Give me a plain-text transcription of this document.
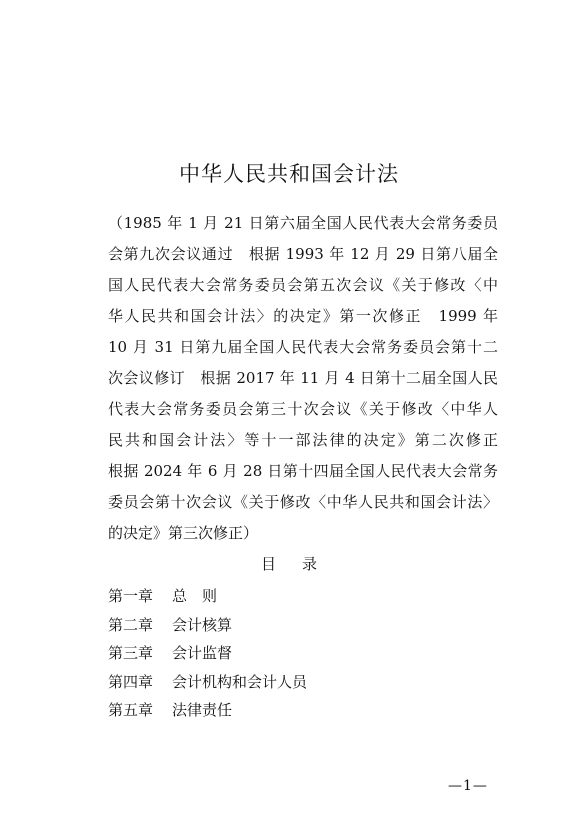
中华人民共和国会计法
（1985 年 1 月 21 日第六届全国人民代表大会常务委员
会第九次会议通过　根据 1993 年 12 月 29 日第八届全
国人民代表大会常务委员会第五次会议《关于修改〈中
华人民共和国会计法〉的决定》第一次修正　1999 年
10 月 31 日第九届全国人民代表大会常务委员会第十二
次会议修订　根据 2017 年 11 月 4 日第十二届全国人民
代表大会常务委员会第三十次会议《关于修改〈中华人
民共和国会计法〉等十一部法律的决定》第二次修正
根据 2024 年 6 月 28 日第十四届全国人民代表大会常务
委员会第十次会议《关于修改〈中华人民共和国会计法〉
的决定》第三次修正）
目录
第一章 总则
第二章 会计核算
第三章 会计监督
第四章 会计机构和会计人员
第五章 法律责任
—1—
